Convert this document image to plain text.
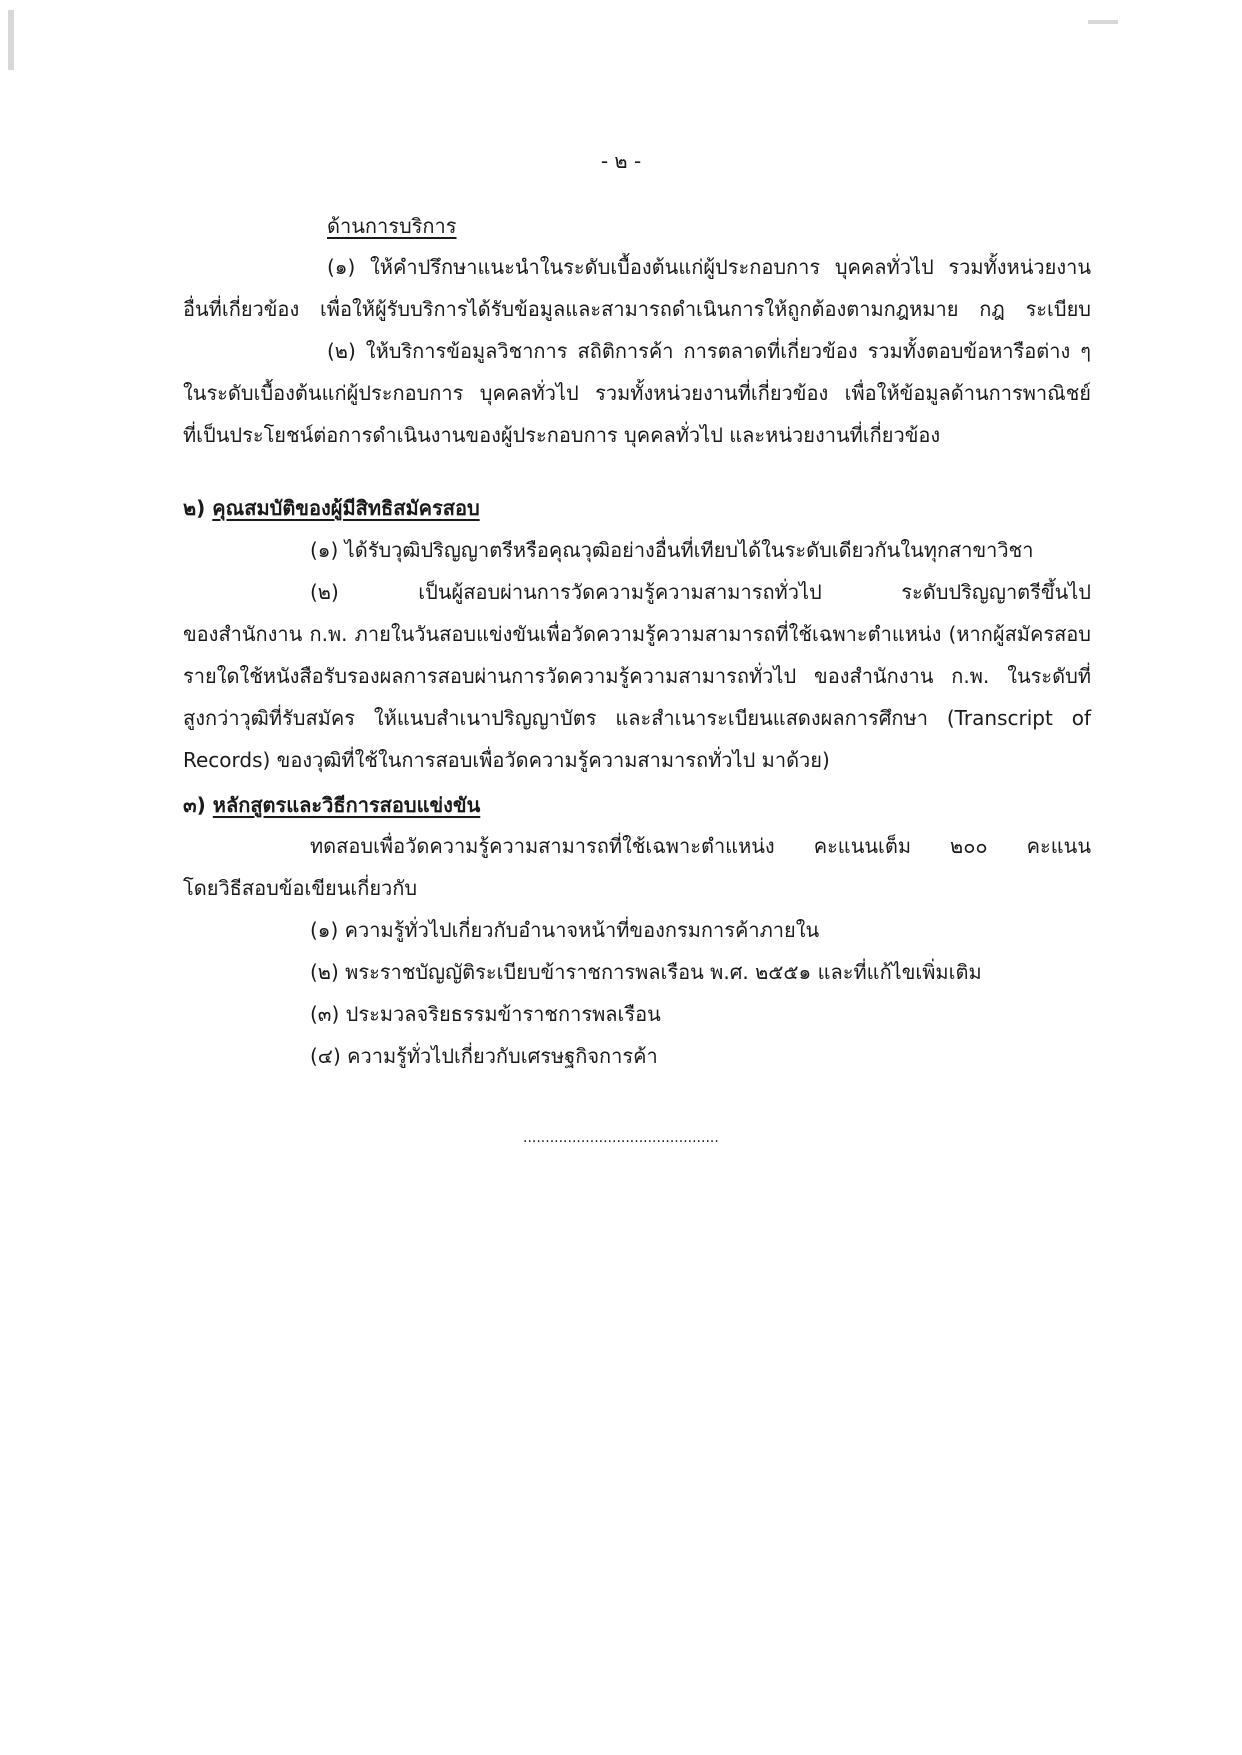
- ๒ -
ด้านการบริการ
(๑) ให้คำปรึกษาแนะนำในระดับเบื้องต้นแก่ผู้ประกอบการ บุคคลทั่วไป รวมทั้งหน่วยงาน
อื่นที่เกี่ยวข้อง เพื่อให้ผู้รับบริการได้รับข้อมูลและสามารถดำเนินการให้ถูกต้องตามกฎหมาย กฎ ระเบียบ
(๒) ให้บริการข้อมูลวิชาการ สถิติการค้า การตลาดที่เกี่ยวข้อง รวมทั้งตอบข้อหารือต่าง ๆ
ในระดับเบื้องต้นแก่ผู้ประกอบการ บุคคลทั่วไป รวมทั้งหน่วยงานที่เกี่ยวข้อง เพื่อให้ข้อมูลด้านการพาณิชย์
ที่เป็นประโยชน์ต่อการดำเนินงานของผู้ประกอบการ บุคคลทั่วไป และหน่วยงานที่เกี่ยวข้อง
๒) คุณสมบัติของผู้มีสิทธิสมัครสอบ
(๑) ได้รับวุฒิปริญญาตรีหรือคุณวุฒิอย่างอื่นที่เทียบได้ในระดับเดียวกันในทุกสาขาวิชา
(๒) เป็นผู้สอบผ่านการวัดความรู้ความสามารถทั่วไป ระดับปริญญาตรีขึ้นไป
ของสำนักงาน ก.พ. ภายในวันสอบแข่งขันเพื่อวัดความรู้ความสามารถที่ใช้เฉพาะตำแหน่ง (หากผู้สมัครสอบ
รายใดใช้หนังสือรับรองผลการสอบผ่านการวัดความรู้ความสามารถทั่วไป ของสำนักงาน ก.พ. ในระดับที่
สูงกว่าวุฒิที่รับสมัคร ให้แนบสำเนาปริญญาบัตร และสำเนาระเบียนแสดงผลการศึกษา (Transcript of
Records) ของวุฒิที่ใช้ในการสอบเพื่อวัดความรู้ความสามารถทั่วไป มาด้วย)
๓) หลักสูตรและวิธีการสอบแข่งขัน
ทดสอบเพื่อวัดความรู้ความสามารถที่ใช้เฉพาะตำแหน่ง คะแนนเต็ม ๒๐๐ คะแนน
โดยวิธีสอบข้อเขียนเกี่ยวกับ
(๑) ความรู้ทั่วไปเกี่ยวกับอำนาจหน้าที่ของกรมการค้าภายใน
(๒) พระราชบัญญัติระเบียบข้าราชการพลเรือน พ.ศ. ๒๕๕๑ และที่แก้ไขเพิ่มเติม
(๓) ประมวลจริยธรรมข้าราชการพลเรือน
(๔) ความรู้ทั่วไปเกี่ยวกับเศรษฐกิจการค้า
............................................
